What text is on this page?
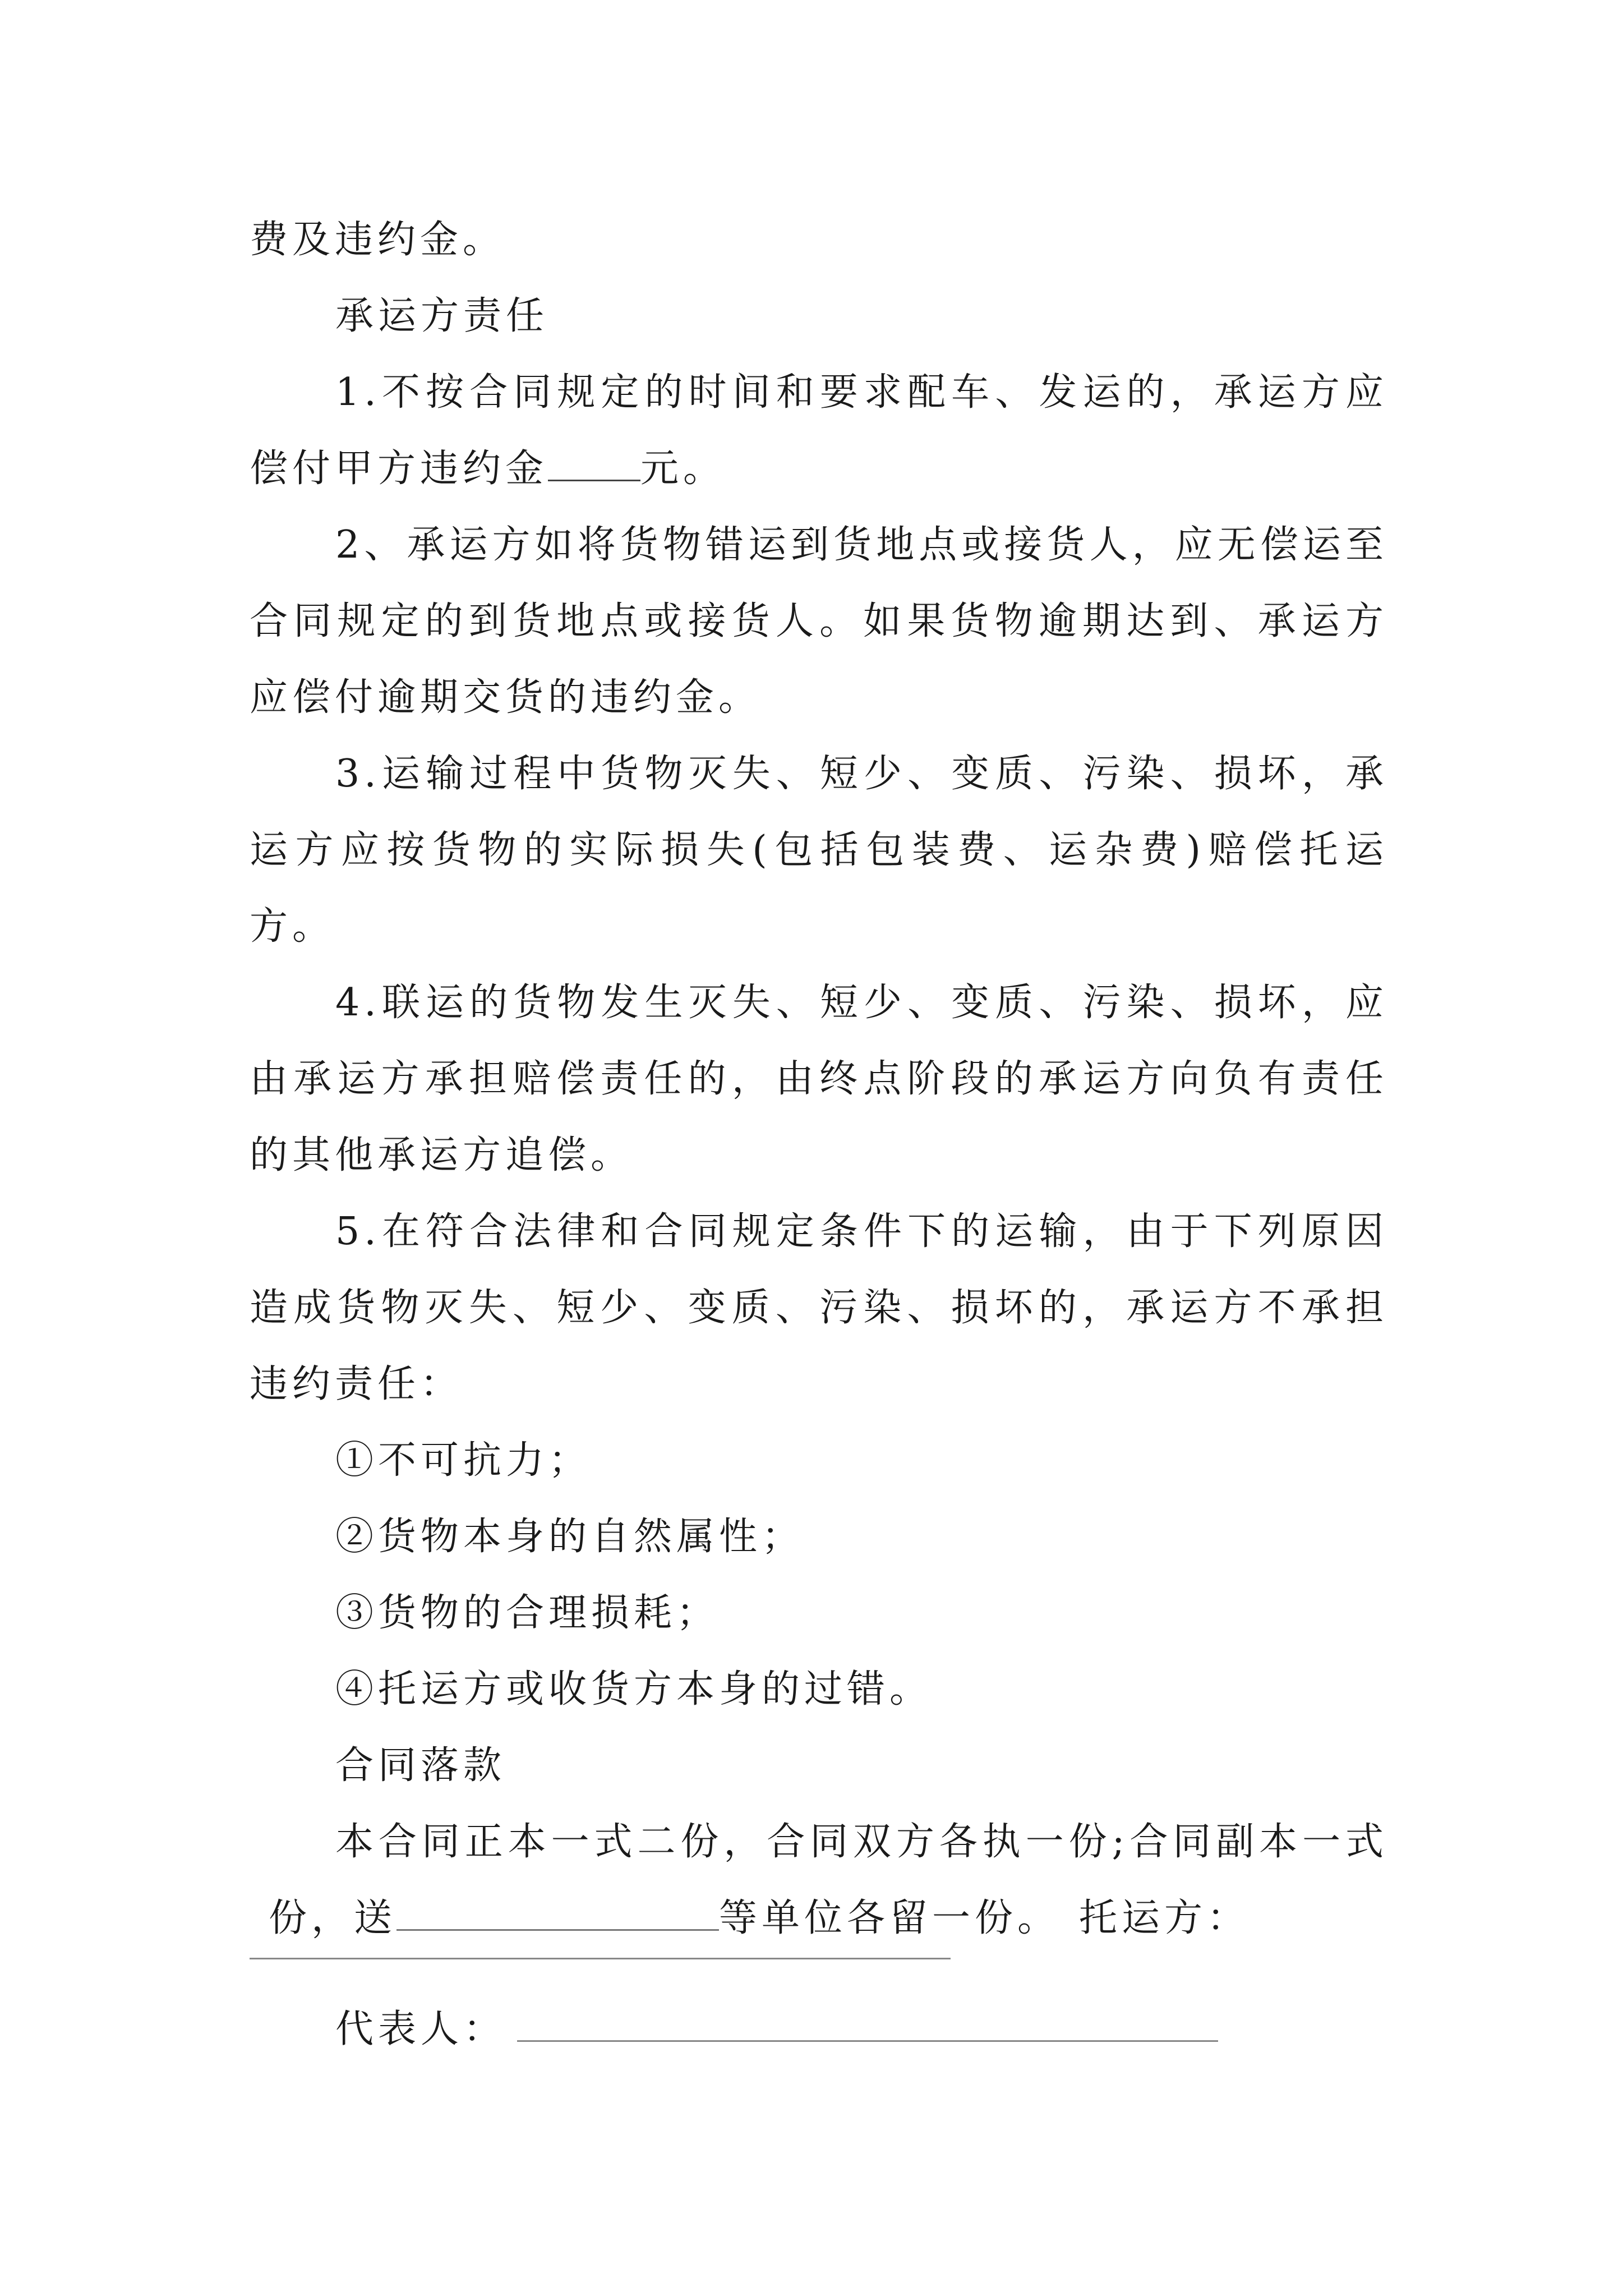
费及违约金。

承运方责任

1.不按合同规定的时间和要求配车、发运的，承运方应偿付甲方违约金 元。

2、承运方如将货物错运到货地点或接货人，应无偿运至合同规定的到货地点或接货人。如果货物逾期达到、承运方应偿付逾期交货的违约金。

3.运输过程中货物灭失、短少、变质、污染、损坏，承运方应按货物的实际损失(包括包装费、运杂费)赔偿托运方。

4.联运的货物发生灭失、短少、变质、污染、损坏，应由承运方承担赔偿责任的，由终点阶段的承运方向负有责任的其他承运方追偿。

5.在符合法律和合同规定条件下的运输，由于下列原因造成货物灭失、短少、变质、污染、损坏的，承运方不承担违约责任：

①不可抗力；

②货物本身的自然属性；

③货物的合理损耗；

④托运方或收货方本身的过错。

合同落款

本合同正本一式二份，合同双方各执一份;合同副本一式份，送	等单位各留一份。 托运方：

代表人：
